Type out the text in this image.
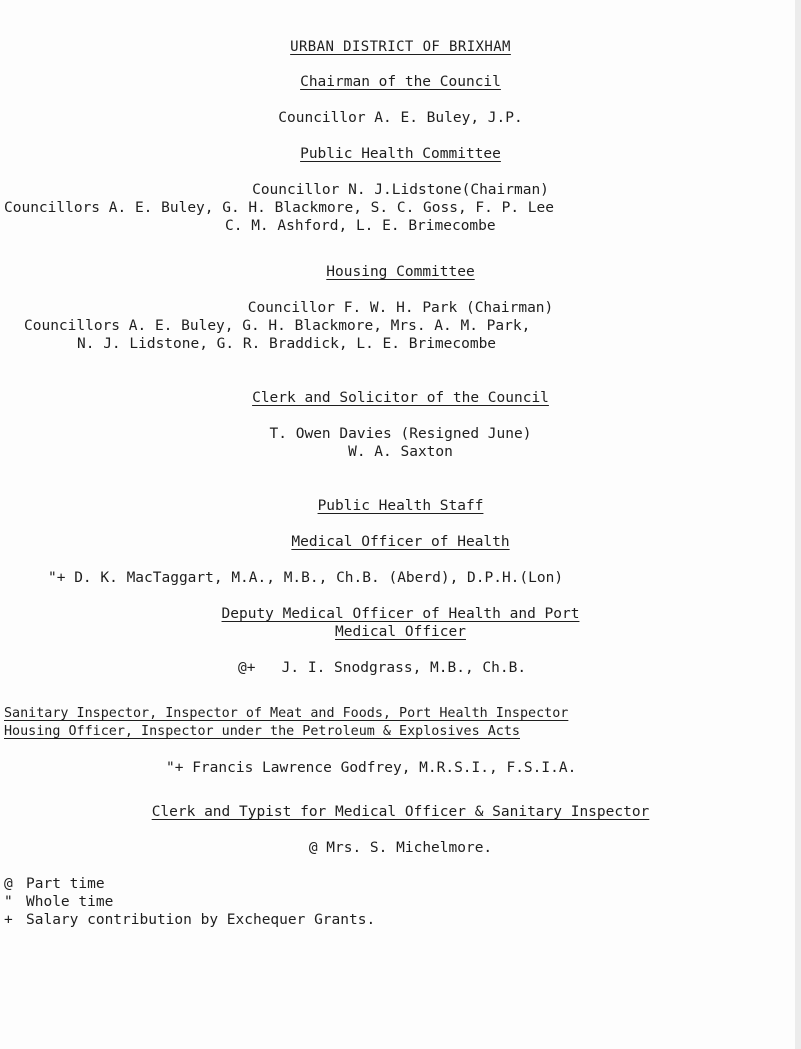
URBAN DISTRICT OF BRIXHAM
Chairman of the Council
Councillor A. E. Buley, J.P.
Public Health Committee
Councillor N. J.Lidstone(Chairman)
Councillors A. E. Buley, G. H. Blackmore, S. C. Goss, F. P. Lee
C. M. Ashford, L. E. Brimecombe
Housing Committee
Councillor F. W. H. Park (Chairman)
Councillors A. E. Buley, G. H. Blackmore, Mrs. A. M. Park,
N. J. Lidstone, G. R. Braddick, L. E. Brimecombe
Clerk and Solicitor of the Council
T. Owen Davies (Resigned June)
W. A. Saxton
Public Health Staff
Medical Officer of Health
"+ D. K. MacTaggart, M.A., M.B., Ch.B. (Aberd), D.P.H.(Lon)
Deputy Medical Officer of Health and Port
Medical Officer
@+   J. I. Snodgrass, M.B., Ch.B.
Sanitary Inspector, Inspector of Meat and Foods, Port Health Inspector
Housing Officer, Inspector under the Petroleum & Explosives Acts
"+ Francis Lawrence Godfrey, M.R.S.I., F.S.I.A.
Clerk and Typist for Medical Officer & Sanitary Inspector
@ Mrs. S. Michelmore.
@ Part time
" Whole time
+ Salary contribution by Exchequer Grants.
